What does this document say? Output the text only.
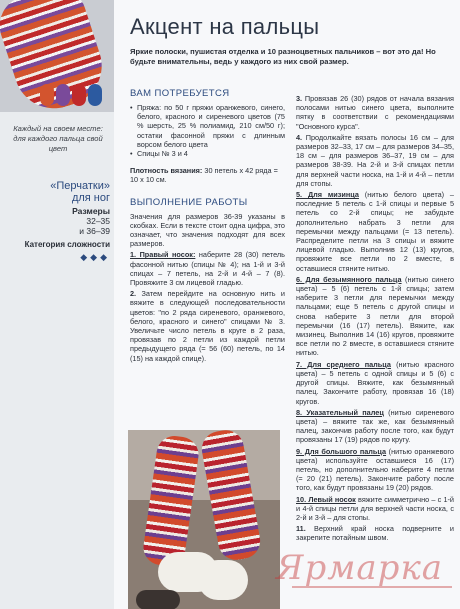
Каждый на своем месте: для каждого пальца свой цвет
«Перчатки»
для ног
Размеры
32–35
и 36–39
Категория сложности
◆◆◆
Акцент на пальцы
Яркие полоски, пушистая отделка и 10 разноцветных пальчиков – вот это да! Но будьте внимательны, ведь у каждого из них свой размер.
ВАМ ПОТРЕБУЕТСЯ
• Пряжа: по 50 г пряжи оранжевого, синего, белого, красного и сиреневого цветов (75 % шерсть, 25 % полиамид, 210 см/50 г); остатки фасонной пряжи с длинным ворсом белого цвета
• Спицы № 3 и 4
Плотность вязания: 30 петель x 42 ряда = 10 x 10 см.
ВЫПОЛНЕНИЕ РАБОТЫ
Значения для размеров 36-39 указаны в скобках. Если в тексте стоит одна цифра, это означает, что значения подходят для всех размеров.
1. Правый носок: наберите 28 (30) петель фасонной нитью (спицы № 4); на 1-й и 3-й спицах – 7 петель, на 2-й и 4-й – 7 (8). Провяжите 3 см лицевой гладью.
2. Затем перейдите на основную нить и вяжите в следующей последовательности цветов: "по 2 ряда сиреневого, оранжевого, белого, красного и синего" спицами № 3. Увеличьте число петель в круге в 2 раза, провязав по 2 петли из каждой петли предыдущего ряда (= 56 (60) петель, по 14 (15) на каждой спице).
3. Провязав 26 (30) рядов от начала вязания полосами нитью синего цвета, выполните пятку в соответствии с рекомендациями "Основного курса".
4. Продолжайте вязать полосы 16 см – для размеров 32–33, 17 см – для размеров 34–35, 18 см – для размеров 36–37, 19 см – для размеров 38-39. На 2-й и 3-й спицах петли для верхней части носка, на 1-й и 4-й – петли для стопы.
5. Для мизинца (нитью белого цвета) – последние 5 петель с 1-й спицы и первые 5 петель со 2-й спицы; не забудьте дополнительно набрать 3 петли для перемычки между пальцами (= 13 петель). Распределите петли на 3 спицы и вяжите лицевой гладью. Выполнив 12 (13) кругов, провяжите все петли по 2 вместе, в оставшиеся стяните нитью.
6. Для безымянного пальца (нитью синего цвета) – 5 (6) петель с 1-й спицы; затем наберите 3 петли для перемычки между пальцами; еще 5 петель с другой спицы и снова наберите 3 петли для второй перемычки (16 (17) петель). Вяжите, как мизинец. Выполнив 14 (16) кругов, провяжите все петли по 2 вместе, в оставшиеся стяните нитью.
7. Для среднего пальца (нитью красного цвета) – 5 петель с одной спицы и 5 (6) с другой спицы. Вяжите, как безымянный палец. Закончите работу, провязав 16 (18) кругов.
8. Указательный палец (нитью сиреневого цвета) – вяжите так же, как безымянный палец, закончив работу после того, как будут провязаны 17 (19) рядов по кругу.
9. Для большого пальца (нитью оранжевого цвета) используйте оставшиеся 16 (17) петель, но дополнительно наберите 4 петли (= 20 (21) петель). Закончите работу после того, как будут провязаны 19 (20) рядов.
10. Левый носок вяжите симметрично – с 1-й и 4-й спицы петли для верхней части носка, с 2-й и 3-й – для стопы.
11. Верхний край носка подверните и закрепите потайным швом.
Ярмарка
